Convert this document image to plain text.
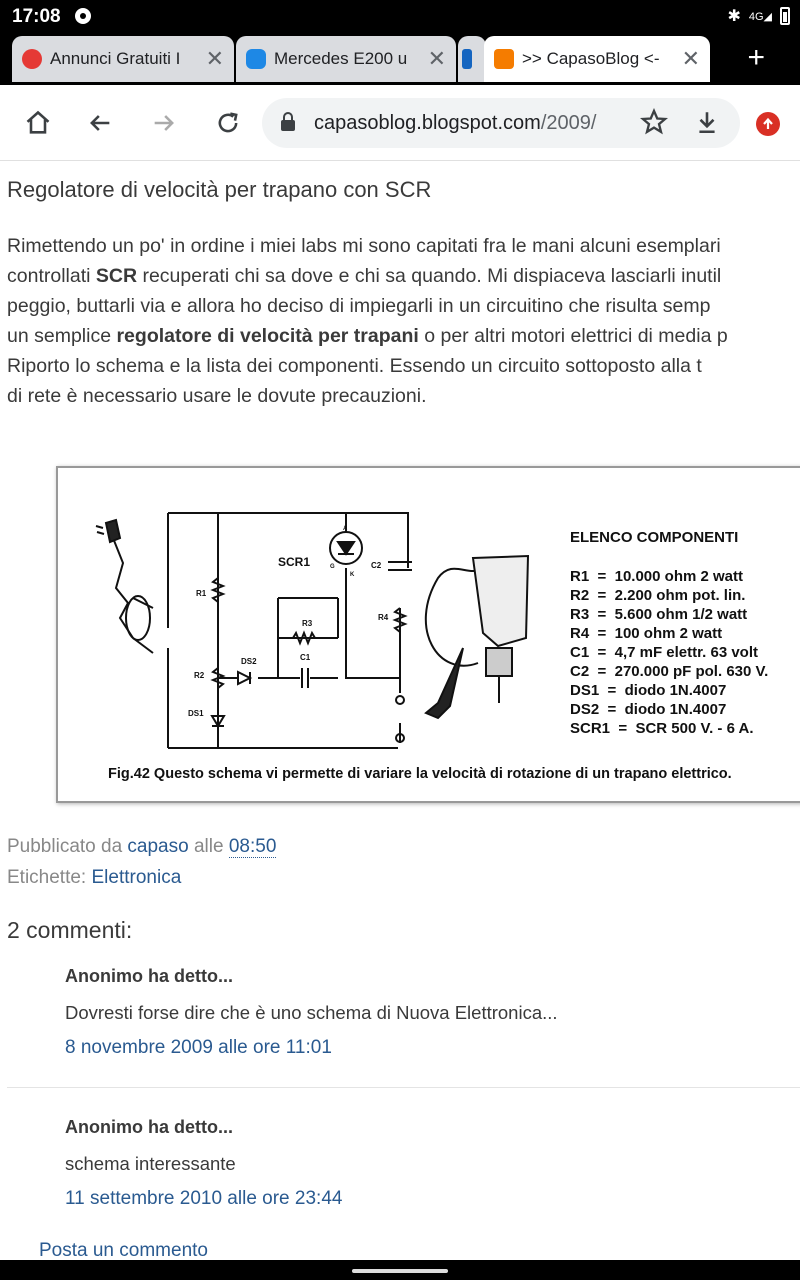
17:08	✱ 4G◢
Annunci Gratuiti I	✕	Mercedes E200 u ✕	>> CapasoBlog <-	✕ +
capasoblog.blogspot.com/2009/
Regolatore di velocità per trapano con SCR
Rimettendo un po' in ordine i miei labs mi sono capitati fra le mani alcuni esemplari
controllati SCR recuperati chi sa dove e chi sa quando. Mi dispiaceva lasciarli inutil
peggio, buttarli via e allora ho deciso di impiegarli in un circuitino che risulta semp
un semplice regolatore di velocità per trapani o per altri motori elettrici di media p
Riporto lo schema e la lista dei componenti. Essendo un circuito sottoposto alla t
di rete è necessario usare le dovute precauzioni.
SCR1	C2
R1
R2
R3
R4
C1
DS1
DS2
A
K
G
ELENCO COMPONENTI
R1  =  10.000 ohm 2 watt
R2  =  2.200 ohm pot. lin.
R3  =  5.600 ohm 1/2 watt
R4  =  100 ohm 2 watt
C1  =  4,7 mF elettr. 63 volt
C2  =  270.000 pF pol. 630 V.
DS1  =  diodo 1N.4007
DS2  =  diodo 1N.4007
SCR1  =  SCR 500 V. - 6 A.
Fig.42 Questo schema vi permette di variare la velocità di rotazione di un trapano elettrico.
Pubblicato da capaso alle 08:50
Etichette: Elettronica
2 commenti:
Anonimo ha detto...
Dovresti forse dire che è uno schema di Nuova Elettronica...
8 novembre 2009 alle ore 11:01
Anonimo ha detto...
schema interessante
11 settembre 2010 alle ore 23:44
Posta un commento
